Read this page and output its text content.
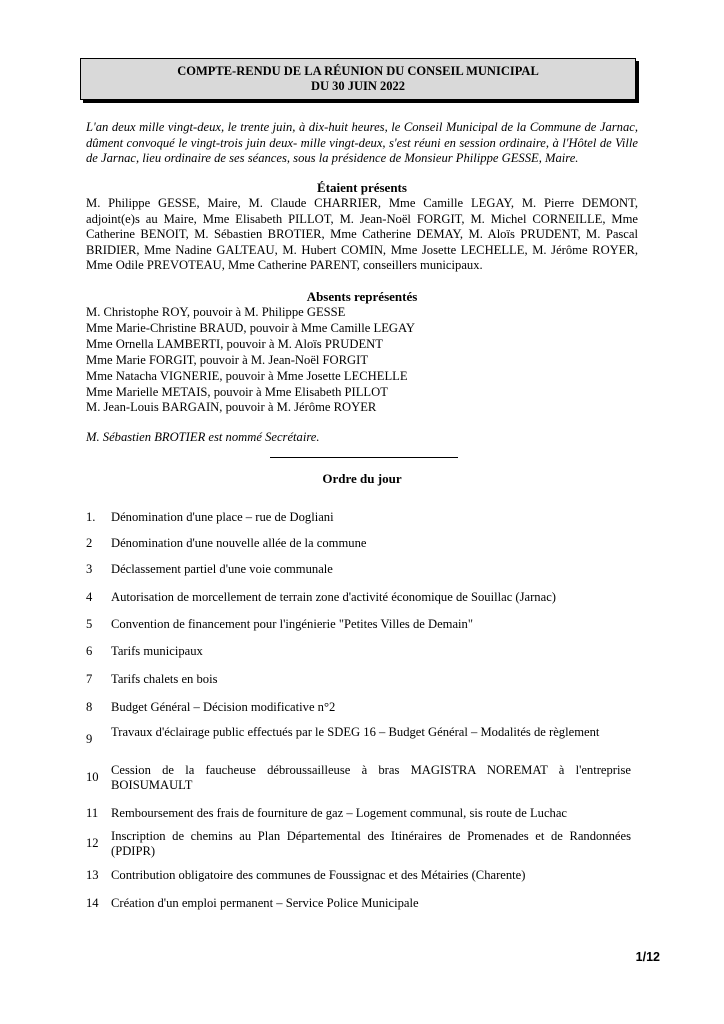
COMPTE-RENDU DE LA RÉUNION DU CONSEIL MUNICIPAL
DU 30 JUIN 2022
L'an deux mille vingt-deux, le trente juin, à dix-huit heures, le Conseil Municipal de la Commune de Jarnac, dûment convoqué le vingt-trois juin deux- mille vingt-deux, s'est réuni en session ordinaire, à l'Hôtel de Ville de Jarnac, lieu ordinaire de ses séances, sous la présidence de Monsieur Philippe GESSE, Maire.
Étaient présents
M. Philippe GESSE, Maire, M. Claude CHARRIER, Mme Camille LEGAY, M. Pierre DEMONT, adjoint(e)s au Maire, Mme Elisabeth PILLOT, M. Jean-Noël FORGIT, M. Michel CORNEILLE, Mme Catherine BENOIT, M. Sébastien BROTIER, Mme Catherine DEMAY, M. Aloïs PRUDENT, M. Pascal BRIDIER, Mme Nadine GALTEAU, M. Hubert COMIN, Mme Josette LECHELLE, M. Jérôme ROYER, Mme Odile PREVOTEAU, Mme Catherine PARENT, conseillers municipaux.
Absents représentés
M. Christophe ROY, pouvoir à M. Philippe GESSE
Mme Marie-Christine BRAUD, pouvoir à Mme Camille LEGAY
Mme Ornella LAMBERTI, pouvoir à M. Aloïs PRUDENT
Mme Marie FORGIT, pouvoir à M. Jean-Noël FORGIT
Mme Natacha VIGNERIE, pouvoir à Mme Josette LECHELLE
Mme Marielle METAIS, pouvoir à Mme Elisabeth PILLOT
M. Jean-Louis BARGAIN, pouvoir à M. Jérôme ROYER
M. Sébastien BROTIER est nommé Secrétaire.
Ordre du jour
1.	Dénomination d'une place – rue de Dogliani
2	Dénomination d'une nouvelle allée de la commune
3	Déclassement partiel d'une voie communale
4	Autorisation de morcellement de terrain zone d'activité économique de Souillac (Jarnac)
5	Convention de financement pour l'ingénierie "Petites Villes de Demain"
6	Tarifs municipaux
7	Tarifs chalets en bois
8	Budget Général – Décision modificative n°2
9	Travaux d'éclairage public effectués par le SDEG 16 – Budget Général – Modalités de règlement
10 Cession de la faucheuse débroussailleuse à bras MAGISTRA NOREMAT à l'entreprise BOISUMAULT
11	Remboursement des frais de fourniture de gaz – Logement communal, sis route de Luchac
12 Inscription de chemins au Plan Départemental des Itinéraires de Promenades et de Randonnées (PDIPR)
13 Contribution obligatoire des communes de Foussignac et des Métairies (Charente)
14 Création d'un emploi permanent – Service Police Municipale
1/12
